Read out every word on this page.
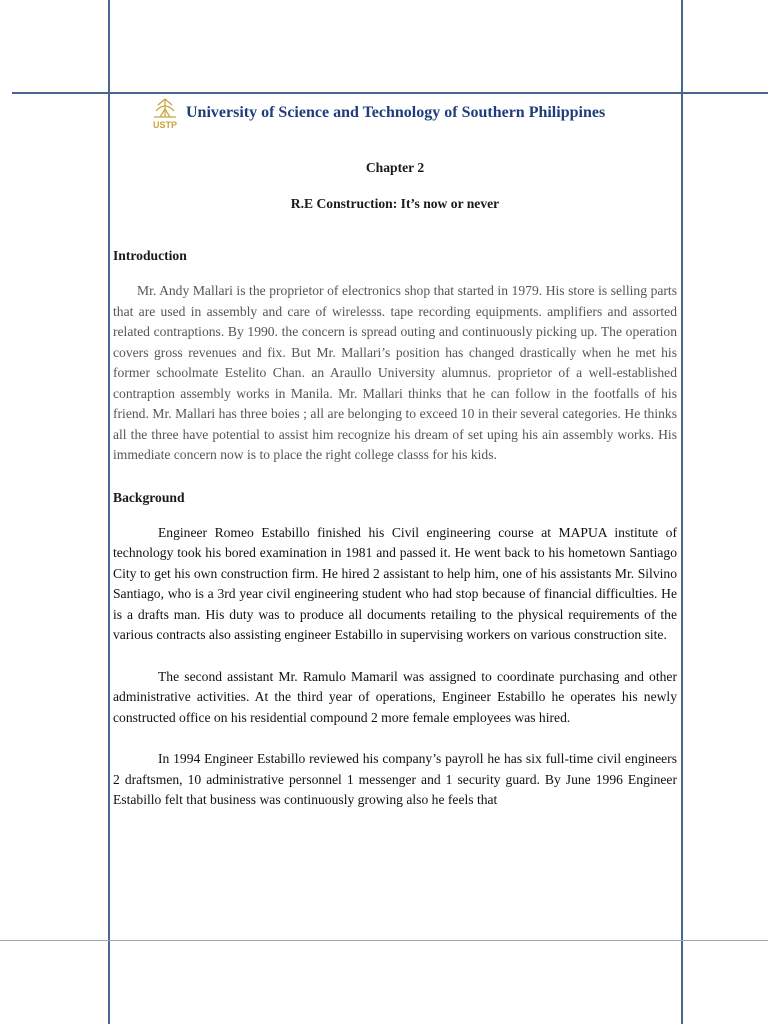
USTP
University of Science and Technology of Southern Philippines
Chapter 2
R.E Construction: It’s now or never
Introduction

Mr. Andy Mallari is the proprietor of electronics shop that started in 1979. His store is selling parts that are used in assembly and care of wirelesss. tape recording equipments. amplifiers and assorted related contraptions. By 1990. the concern is spread outing and continuously picking up. The operation covers gross revenues and fix. But Mr. Mallari’s position has changed drastically when he met his former schoolmate Estelito Chan. an Araullo University alumnus. proprietor of a well-established contraption assembly works in Manila. Mr. Mallari thinks that he can follow in the footfalls of his friend. Mr. Mallari has three boies ; all are belonging to exceed 10 in their several categories. He thinks all the three have potential to assist him recognize his dream of set uping his ain assembly works. His immediate concern now is to place the right college classs for his kids.

Background

Engineer Romeo Estabillo finished his Civil engineering course at MAPUA institute of technology took his bored examination in 1981 and passed it. He went back to his hometown Santiago City to get his own construction firm. He hired 2 assistant to help him, one of his assistants Mr. Silvino Santiago, who is a 3rd year civil engineering student who had stop because of financial difficulties. He is a drafts man. His duty was to produce all documents retailing to the physical requirements of the various contracts also assisting engineer Estabillo in supervising workers on various construction site.

The second assistant Mr. Ramulo Mamaril was assigned to coordinate purchasing and other administrative activities. At the third year of operations, Engineer Estabillo he operates his newly constructed office on his residential compound 2 more female employees was hired.

In 1994 Engineer Estabillo reviewed his company’s payroll he has six full-time civil engineers 2 draftsmen, 10 administrative personnel 1 messenger and 1 security guard. By June 1996 Engineer Estabillo felt that business was continuously growing also he feels that
